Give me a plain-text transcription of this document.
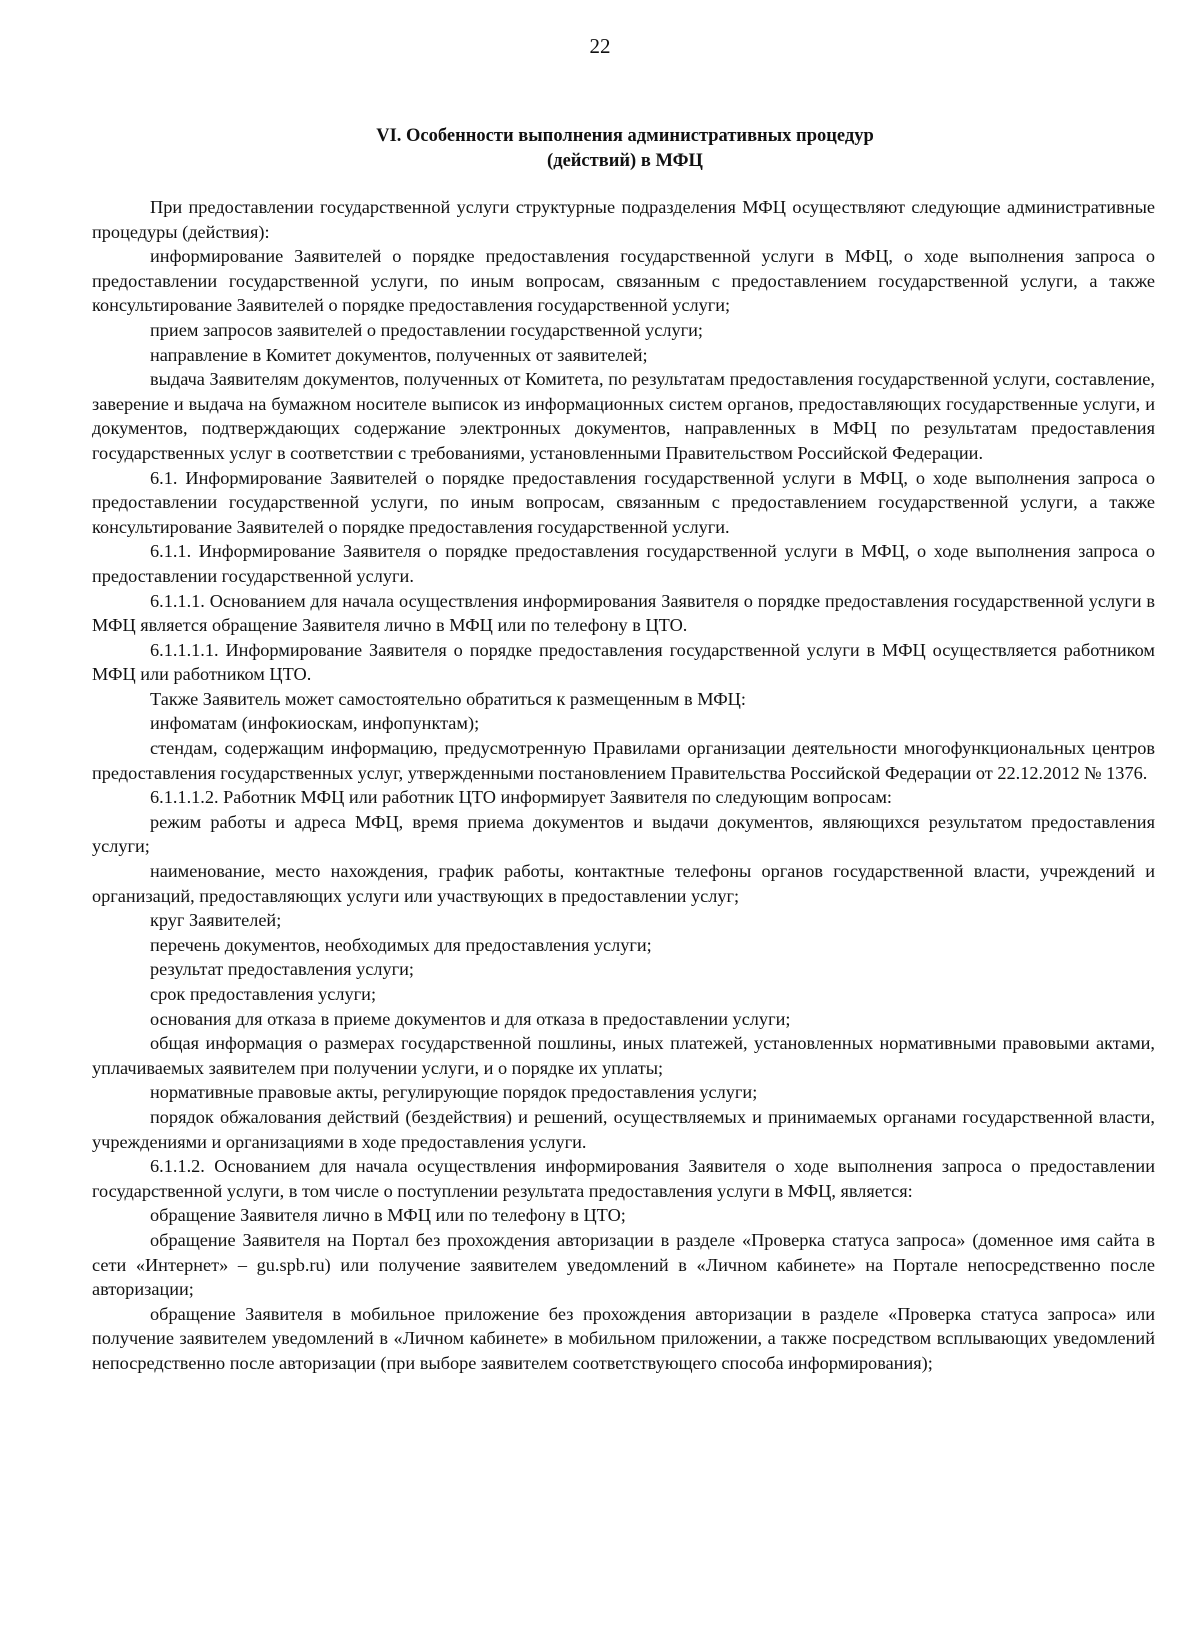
22
VI. Особенности выполнения административных процедур
(действий) в МФЦ

При предоставлении государственной услуги структурные подразделения МФЦ осуществляют следующие административные процедуры (действия):

информирование Заявителей о порядке предоставления государственной услуги в МФЦ, о ходе выполнения запроса о предоставлении государственной услуги, по иным вопросам, связанным с предоставлением государственной услуги, а также консультирование Заявителей о порядке предоставления государственной услуги;

прием запросов заявителей о предоставлении государственной услуги;

направление в Комитет документов, полученных от заявителей;

выдача Заявителям документов, полученных от Комитета, по результатам предоставления государственной услуги, составление, заверение и выдача на бумажном носителе выписок из информационных систем органов, предоставляющих государственные услуги, и документов, подтверждающих содержание электронных документов, направленных в МФЦ по результатам предоставления государственных услуг в соответствии с требованиями, установленными Правительством Российской Федерации.

6.1. Информирование Заявителей о порядке предоставления государственной услуги в МФЦ, о ходе выполнения запроса о предоставлении государственной услуги, по иным вопросам, связанным с предоставлением государственной услуги, а также консультирование Заявителей о порядке предоставления государственной услуги.

6.1.1. Информирование Заявителя о порядке предоставления государственной услуги в МФЦ, о ходе выполнения запроса о предоставлении государственной услуги.

6.1.1.1. Основанием для начала осуществления информирования Заявителя о порядке предоставления государственной услуги в МФЦ является обращение Заявителя лично в МФЦ или по телефону в ЦТО.

6.1.1.1.1. Информирование Заявителя о порядке предоставления государственной услуги в МФЦ осуществляется работником МФЦ или работником ЦТО.

Также Заявитель может самостоятельно обратиться к размещенным в МФЦ:

инфоматам (инфокиоскам, инфопунктам);

стендам, содержащим информацию, предусмотренную Правилами организации деятельности многофункциональных центров предоставления государственных услуг, утвержденными постановлением Правительства Российской Федерации от 22.12.2012 № 1376.

6.1.1.1.2. Работник МФЦ или работник ЦТО информирует Заявителя по следующим вопросам:

режим работы и адреса МФЦ, время приема документов и выдачи документов, являющихся результатом предоставления услуги;

наименование, место нахождения, график работы, контактные телефоны органов государственной власти, учреждений и организаций, предоставляющих услуги или участвующих в предоставлении услуг;

круг Заявителей;

перечень документов, необходимых для предоставления услуги;

результат предоставления услуги;

срок предоставления услуги;

основания для отказа в приеме документов и для отказа в предоставлении услуги;

общая информация о размерах государственной пошлины, иных платежей, установленных нормативными правовыми актами, уплачиваемых заявителем при получении услуги, и о порядке их уплаты;

нормативные правовые акты, регулирующие порядок предоставления услуги;

порядок обжалования действий (бездействия) и решений, осуществляемых и принимаемых органами государственной власти, учреждениями и организациями в ходе предоставления услуги.

6.1.1.2. Основанием для начала осуществления информирования Заявителя о ходе выполнения запроса о предоставлении государственной услуги, в том числе о поступлении результата предоставления услуги в МФЦ, является:

обращение Заявителя лично в МФЦ или по телефону в ЦТО;

обращение Заявителя на Портал без прохождения авторизации в разделе «Проверка статуса запроса» (доменное имя сайта в сети «Интернет» – gu.spb.ru) или получение заявителем уведомлений в «Личном кабинете» на Портале непосредственно после авторизации;

обращение Заявителя в мобильное приложение без прохождения авторизации в разделе «Проверка статуса запроса» или получение заявителем уведомлений в «Личном кабинете» в мобильном приложении, а также посредством всплывающих уведомлений непосредственно после авторизации (при выборе заявителем соответствующего способа информирования);
